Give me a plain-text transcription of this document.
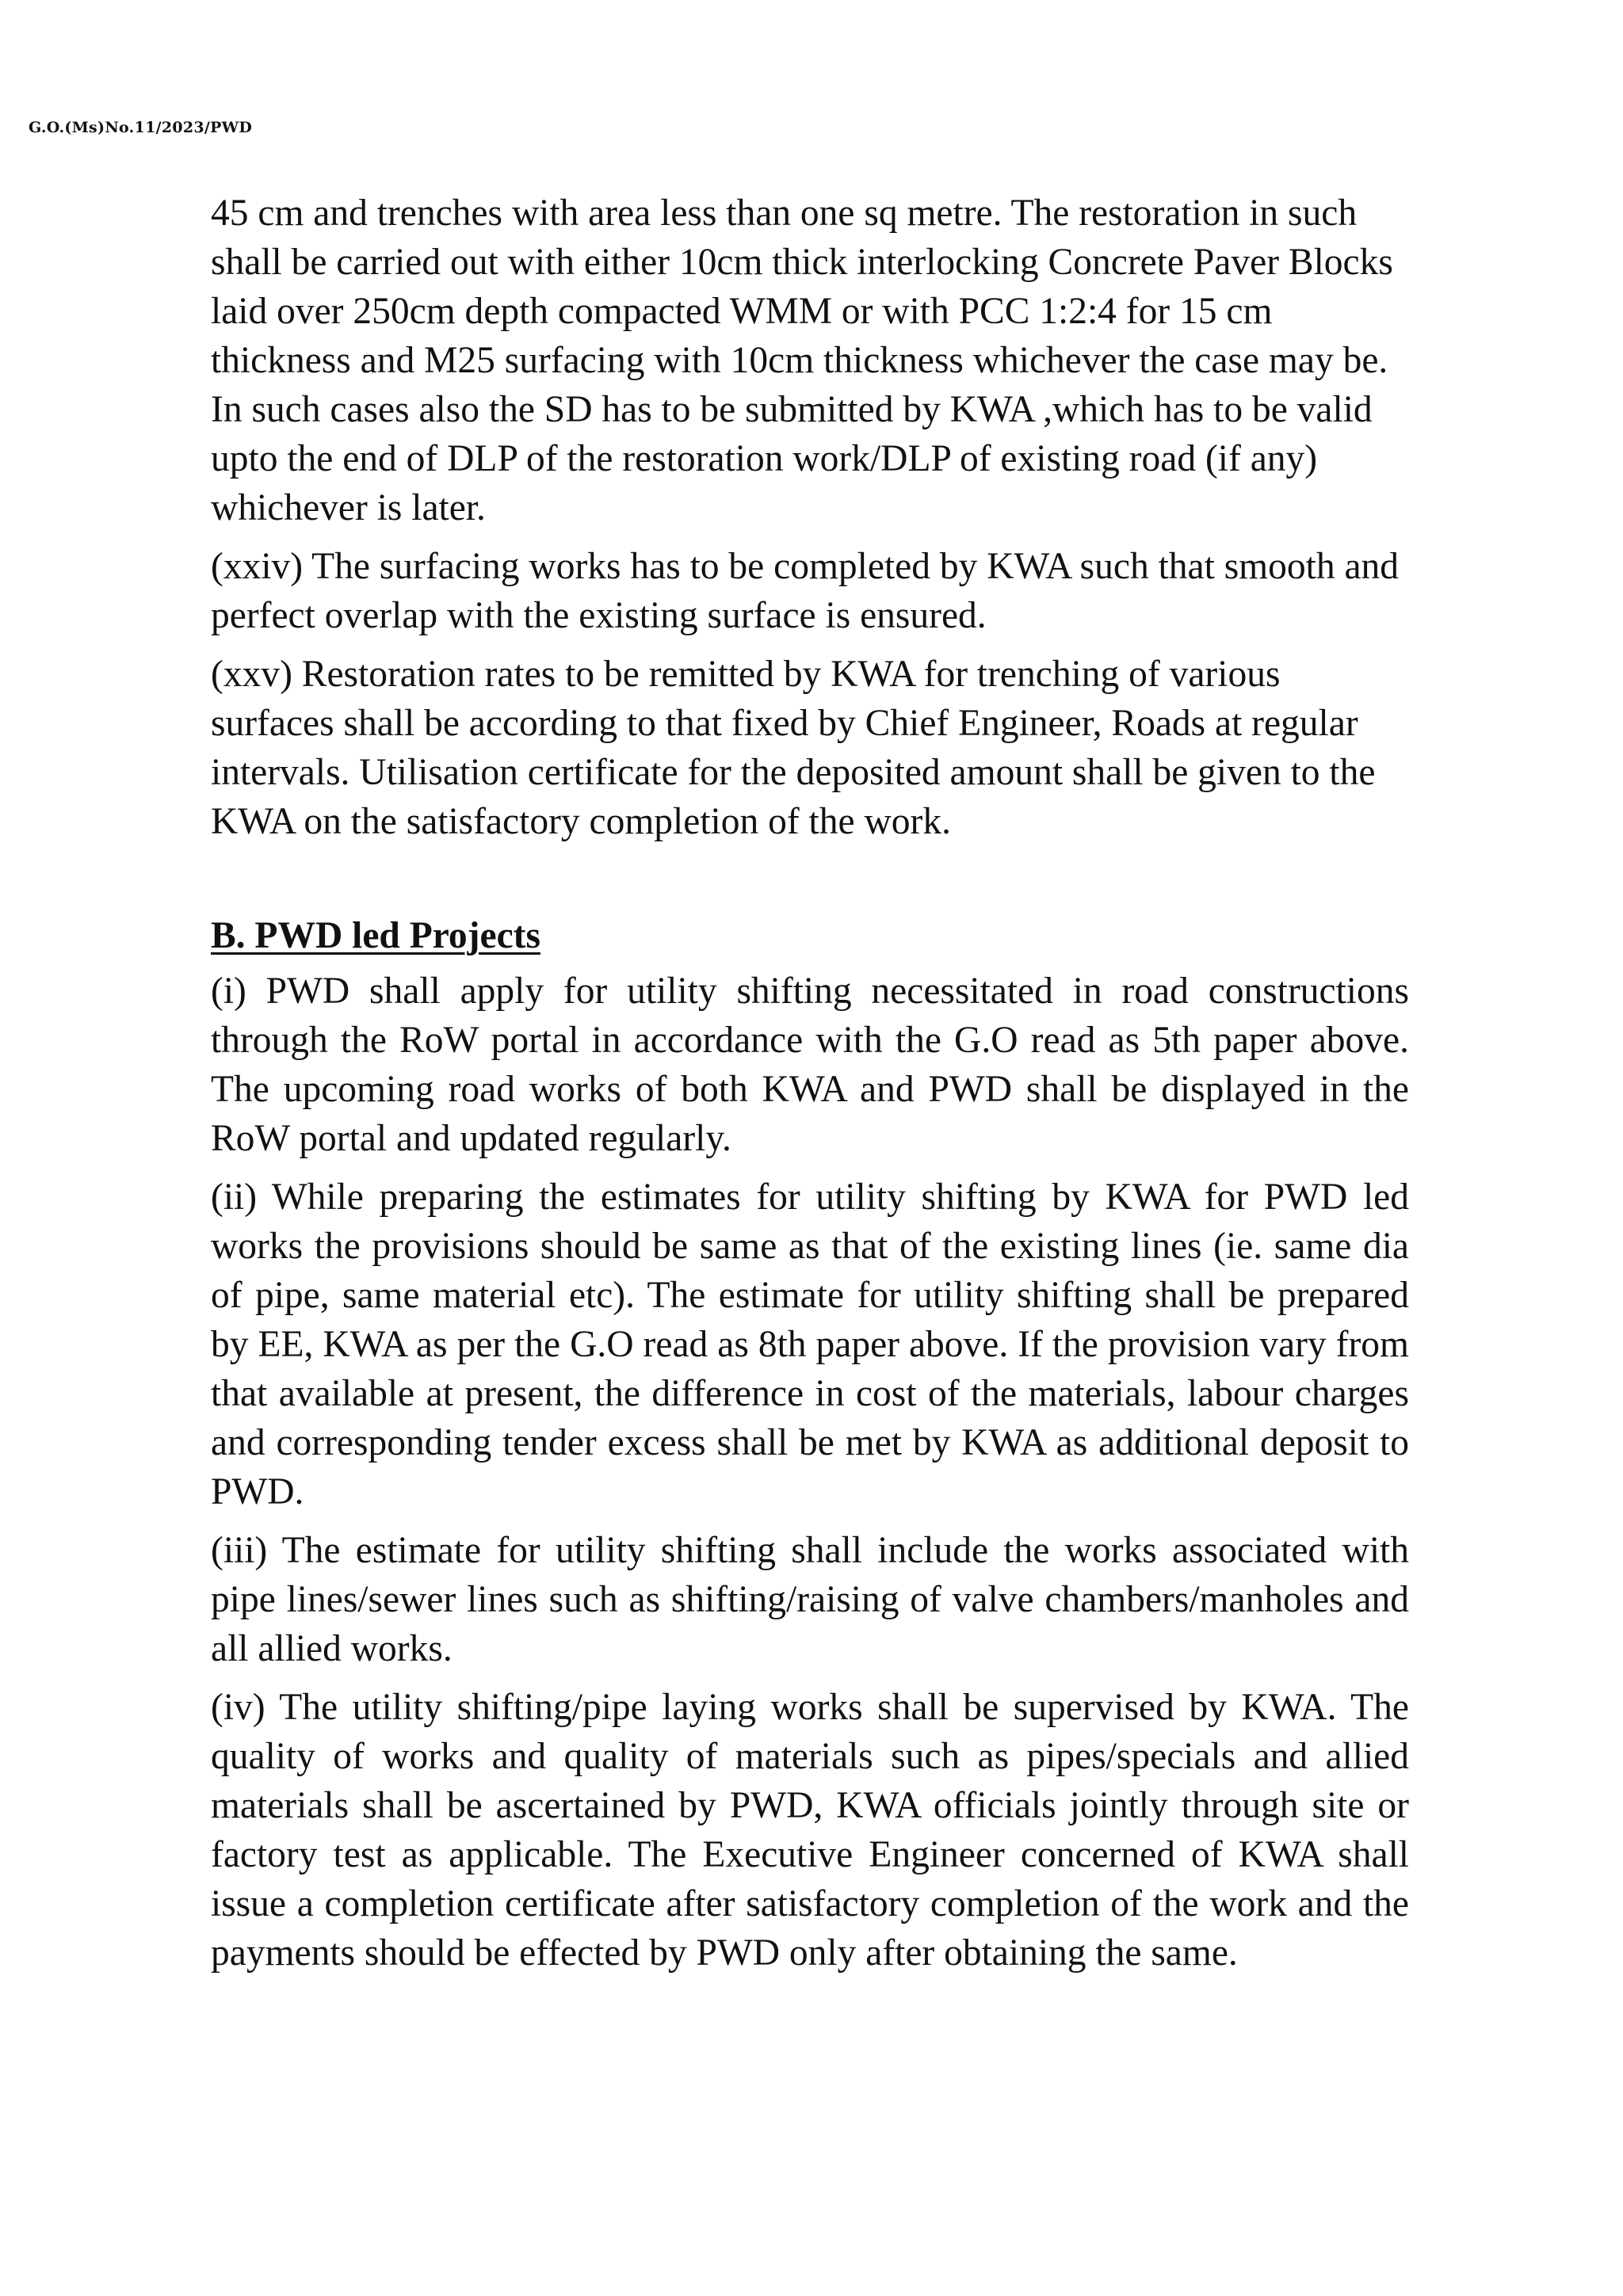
G.O.(Ms)No.11/2023/PWD

45 cm and trenches with area less than one sq metre. The restoration in such shall be carried out with either 10cm thick interlocking Concrete Paver Blocks laid over 250cm depth compacted WMM or with PCC 1:2:4 for 15 cm thickness and M25 surfacing with 10cm thickness whichever the case may be. In such cases also the SD has to be submitted by KWA ,which has to be valid upto the end of DLP of the restoration work/DLP of existing road (if any) whichever is later.

(xxiv) The surfacing works has to be completed by KWA such that smooth and perfect overlap with the existing surface is ensured.

(xxv) Restoration rates to be remitted by KWA for trenching of various surfaces shall be according to that fixed by Chief Engineer, Roads at regular intervals. Utilisation certificate for the deposited amount shall be given to the KWA on the satisfactory completion of the work.

B. PWD led Projects

(i) PWD shall apply for utility shifting necessitated in road constructions through the RoW portal in accordance with the G.O read as 5th paper above. The upcoming road works of both KWA and PWD shall be displayed in the RoW portal and updated regularly.

(ii) While preparing the estimates for utility shifting by KWA for PWD led works the provisions should be same as that of the existing lines (ie. same dia of pipe, same material etc). The estimate for utility shifting shall be prepared by EE, KWA as per the G.O read as 8th paper above. If the provision vary from that available at present, the difference in cost of the materials, labour charges and corresponding tender excess shall be met by KWA as additional deposit to PWD.

(iii) The estimate for utility shifting shall include the works associated with pipe lines/sewer lines such as shifting/raising of valve chambers/manholes and all allied works.

(iv) The utility shifting/pipe laying works shall be supervised by KWA. The quality of works and quality of materials such as pipes/specials and allied materials shall be ascertained by PWD, KWA officials jointly through site or factory test as applicable. The Executive Engineer concerned of KWA shall issue a completion certificate after satisfactory completion of the work and the payments should be effected by PWD only after obtaining the same.
